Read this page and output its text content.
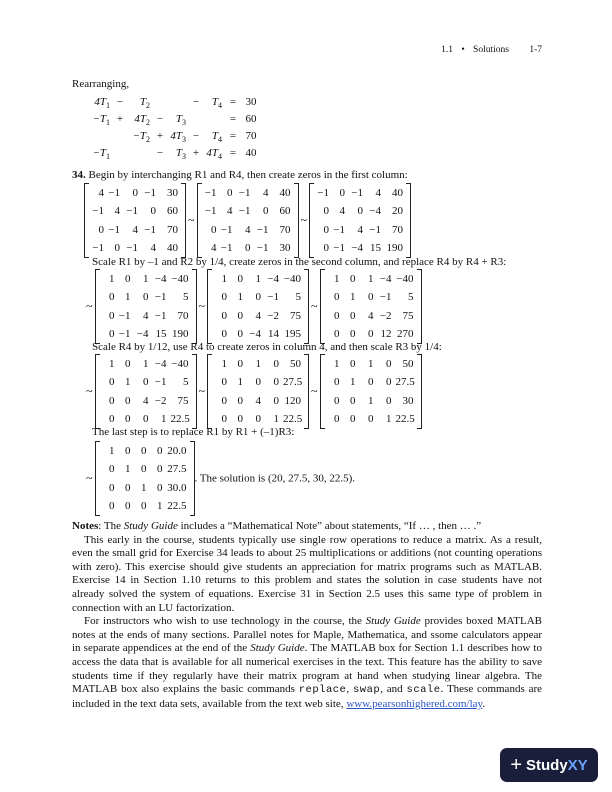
1.1 • Solutions 1-7
Rearranging,
4T	1	−	T	2					−	T	4	=	30
−T	1	+	4T	2	−	T	3					=	60
			−T	2	+	4T	3		−	T	4	=	70
−T	1				−	T	3		+	4T	4	=	40
34. Begin by interchanging R1 and R4, then create zeros in the first column:
4 −1	0 −1	30
−1 4 −1	0	60
0 −1	4 −1	70
−1 0 −1	4	40
~
−1 0 −1	4	40
−1 4 −1	0	60
0 −1	4 −1	70
4 −1	0 −1	30
~
−1 0 −1	4	40
0 4	0 −4	20
0 −1	4 −1	70
0 −1 −4 15 190
Scale R1 by –1 and R2 by 1/4, create zeros in the second column, and replace R4 by R4 + R3:
~
1 0	1 −4 −40
0 1	0 −1	5
0 −1	4 −1	70
0 −1 −4 15 190
~
1 0	1 −4 −40
0 1	0 −1	5
0 0	4 −2	75
0 0 −4 14 195
~
1 0	1 −4 −40
0 1	0 −1	5
0 0	4 −2	75
0 0	0 12 270
Scale R4 by 1/12, use R4 to create zeros in column 4, and then scale R3 by 1/4:
~
1 0	1 −4 −40
0 1	0 −1	5
0 0	4 −2	75
0 0	0	1 22.5
~
1 0	1	0	50
0 1	0	0 27.5
0 0	4	0 120
0 0	0	1 22.5
~
1 0	1	0	50
0 1	0	0 27.5
0 0	1	0	30
0 0	0	1 22.5
The last step is to replace R1 by R1 + (–1)R3:
~
1 0 0 0 20.0
0 1 0 0 27.5
0 0 1 0 30.0
0 0 0 1 22.5
. The solution is (20, 27.5, 30, 22.5).

Notes: The Study Guide includes a “Mathematical Note” about statements, “If … , then … .”

This early in the course, students typically use single row operations to reduce a matrix. As a result, even the small grid for Exercise 34 leads to about 25 multiplications or additions (not counting operations with zero). This exercise should give students an appreciation for matrix programs such as MATLAB. Exercise 14 in Section 1.10 returns to this problem and states the solution in case students have not already solved the system of equations. Exercise 31 in Section 2.5 uses this same type of problem in connection with an LU factorization.

For instructors who wish to use technology in the course, the Study Guide provides boxed MATLAB notes at the ends of many sections. Parallel notes for Maple, Mathematica, and ssome calculators appear in separate appendices at the end of the Study Guide. The MATLAB box for Section 1.1 describes how to access the data that is available for all numerical exercises in the text. This feature has the ability to save students time if they regularly have their matrix program at hand when studying linear algebra. The MATLAB box also explains the basic commands replace, swap, and scale. These commands are included in the text data sets, available from the text web site, www.pearsonhighered.com/lay.

+ StudyXY
